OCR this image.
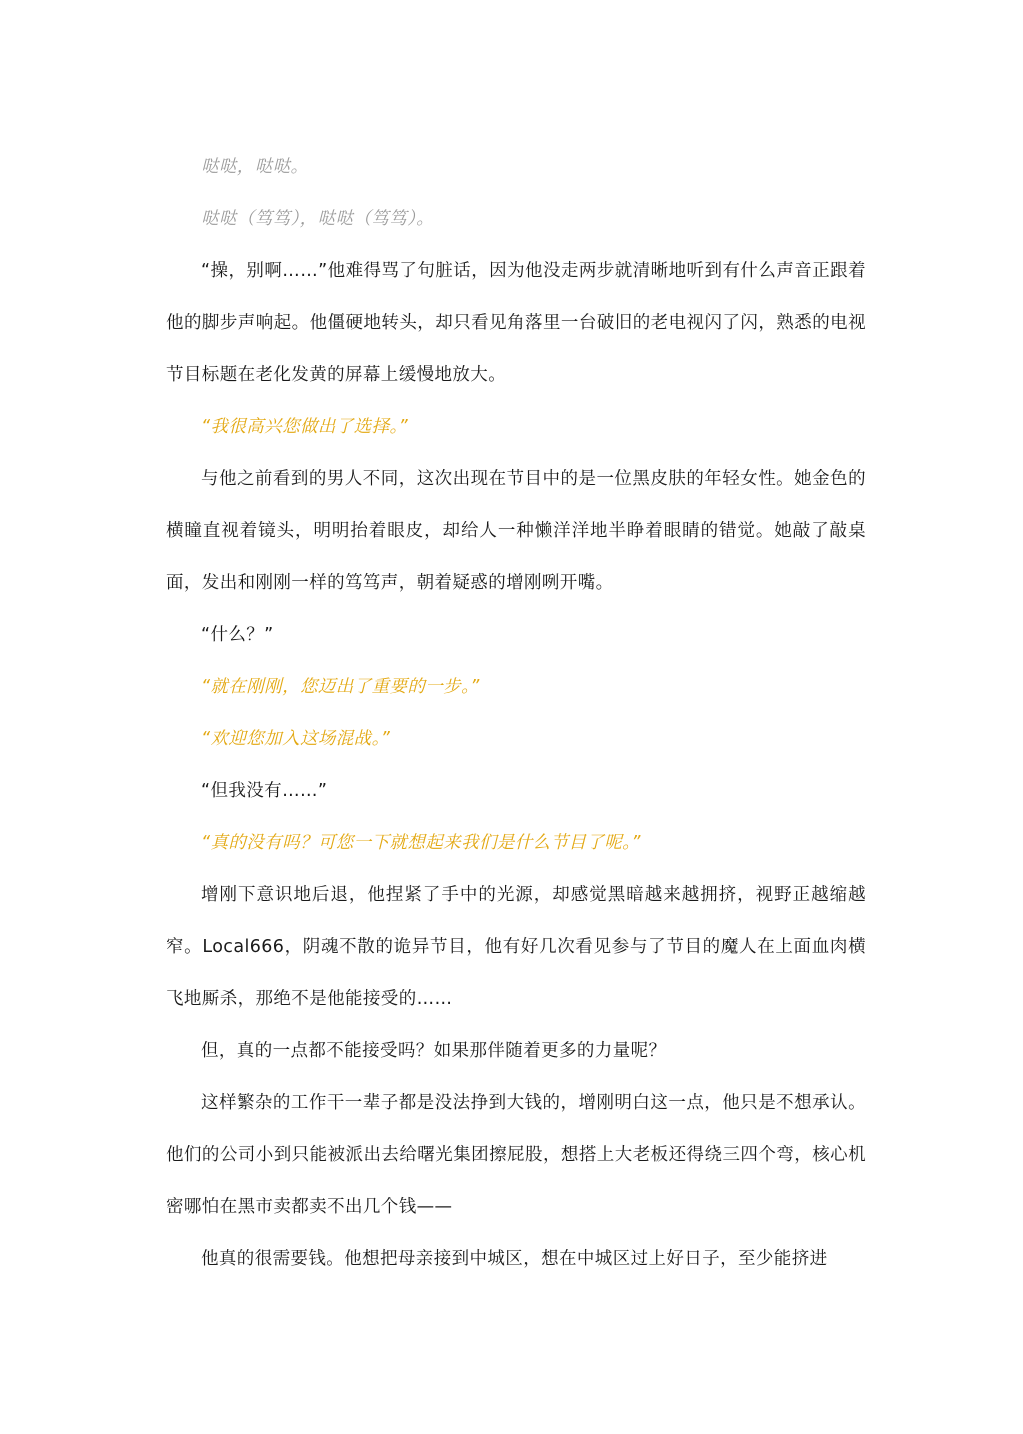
哒哒，哒哒。

哒哒（笃笃），哒哒（笃笃）。

“操，别啊……”他难得骂了句脏话，因为他没走两步就清晰地听到有什么声音正跟着他的脚步声响起。他僵硬地转头，却只看见角落里一台破旧的老电视闪了闪，熟悉的电视节目标题在老化发黄的屏幕上缓慢地放大。

“我很高兴您做出了选择。”

与他之前看到的男人不同，这次出现在节目中的是一位黑皮肤的年轻女性。她金色的横瞳直视着镜头，明明抬着眼皮，却给人一种懒洋洋地半睁着眼睛的错觉。她敲了敲桌面，发出和刚刚一样的笃笃声，朝着疑惑的增刚咧开嘴。

“什么？”

“就在刚刚，您迈出了重要的一步。”

“欢迎您加入这场混战。”

“但我没有……”

“真的没有吗？可您一下就想起来我们是什么节目了呢。”

增刚下意识地后退，他捏紧了手中的光源，却感觉黑暗越来越拥挤，视野正越缩越窄。Local666，阴魂不散的诡异节目，他有好几次看见参与了节目的魔人在上面血肉横飞地厮杀，那绝不是他能接受的……

但，真的一点都不能接受吗？如果那伴随着更多的力量呢？

这样繁杂的工作干一辈子都是没法挣到大钱的，增刚明白这一点，他只是不想承认。他们的公司小到只能被派出去给曙光集团擦屁股，想搭上大老板还得绕三四个弯，核心机密哪怕在黑市卖都卖不出几个钱——

他真的很需要钱。他想把母亲接到中城区，想在中城区过上好日子，至少能挤进
